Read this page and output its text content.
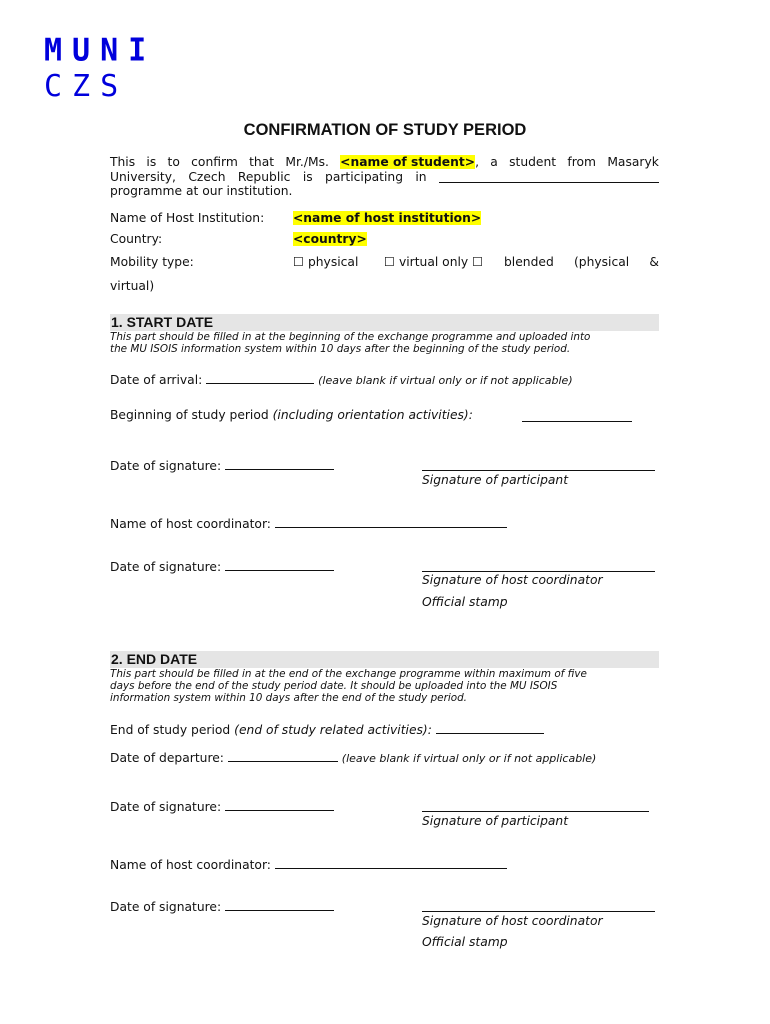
MUNI
CZS
CONFIRMATION OF STUDY PERIOD
This is to confirm that Mr./Ms. <name of student>, a student from Masaryk
University, Czech Republic is participating in
programme at our institution.
Name of Host Institution: <name of host institution>
Country:	<country>
Mobility type:	☐ physical ☐ virtual only ☐ blended (physical &
virtual)
1. START DATE
This part should be filled in at the beginning of the exchange programme and uploaded into
the MU ISOIS information system within 10 days after the beginning of the study period.
Date of arrival:	(leave blank if virtual only or if not applicable)
Beginning of study period (including orientation activities):
Date of signature:
Signature of participant
Name of host coordinator:
Date of signature:
Signature of host coordinator
Official stamp
2. END DATE
This part should be filled in at the end of the exchange programme within maximum of five
days before the end of the study period date. It should be uploaded into the MU ISOIS
information system within 10 days after the end of the study period.
End of study period (end of study related activities):
Date of departure:	(leave blank if virtual only or if not applicable)
Date of signature:
Signature of participant
Name of host coordinator:
Date of signature:
Signature of host coordinator
Official stamp
